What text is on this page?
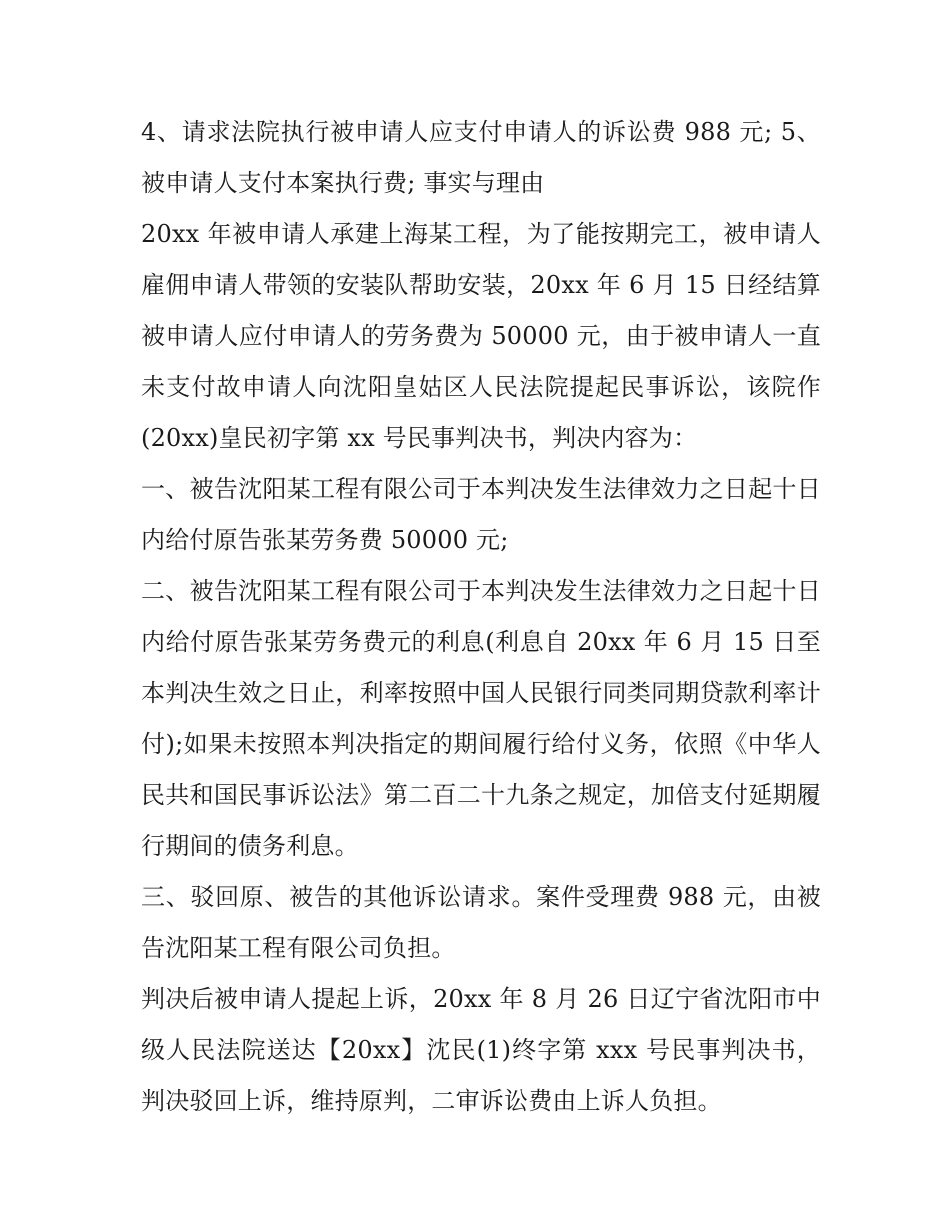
4、请求法院执行被申请人应支付申请人的诉讼费 988 元; 5、被申请人支付本案执行费; 事实与理由

20xx 年被申请人承建上海某工程，为了能按期完工，被申请人雇佣申请人带领的安装队帮助安装，20xx 年 6 月 15 日经结算被申请人应付申请人的劳务费为 50000 元，由于被申请人一直未支付故申请人向沈阳皇姑区人民法院提起民事诉讼，该院作(20xx)皇民初字第 xx 号民事判决书，判决内容为：

一、被告沈阳某工程有限公司于本判决发生法律效力之日起十日内给付原告张某劳务费 50000 元;

二、被告沈阳某工程有限公司于本判决发生法律效力之日起十日内给付原告张某劳务费元的利息(利息自 20xx 年 6 月 15 日至本判决生效之日止，利率按照中国人民银行同类同期贷款利率计付);如果未按照本判决指定的期间履行给付义务，依照《中华人民共和国民事诉讼法》第二百二十九条之规定，加倍支付延期履行期间的债务利息。

三、驳回原、被告的其他诉讼请求。案件受理费 988 元，由被告沈阳某工程有限公司负担。

判决后被申请人提起上诉，20xx 年 8 月 26 日辽宁省沈阳市中级人民法院送达【20xx】沈民(1)终字第 xxx 号民事判决书，判决驳回上诉，维持原判，二审诉讼费由上诉人负担。
